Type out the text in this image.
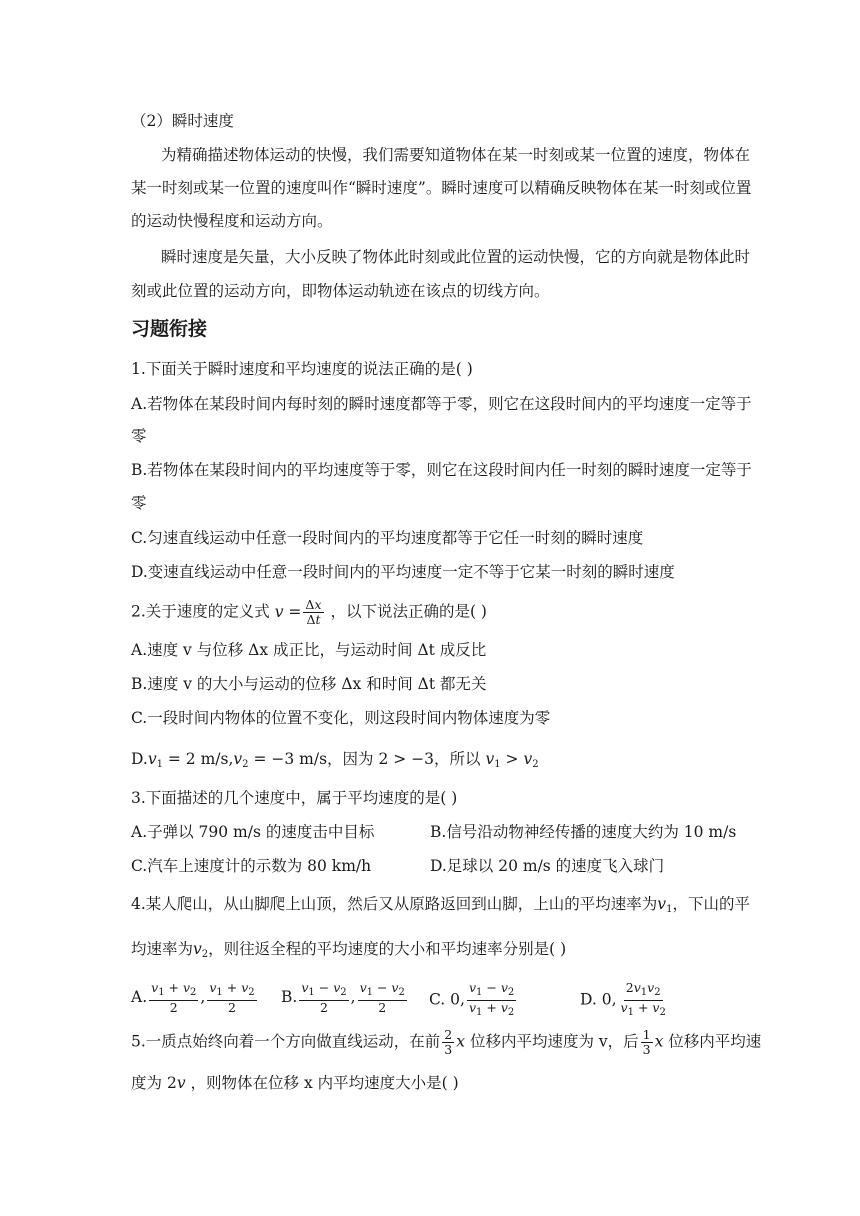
（2）瞬时速度
为精确描述物体运动的快慢，我们需要知道物体在某一时刻或某一位置的速度，物体在
某一时刻或某一位置的速度叫作“瞬时速度”。瞬时速度可以精确反映物体在某一时刻或位置
的运动快慢程度和运动方向。
瞬时速度是矢量，大小反映了物体此时刻或此位置的运动快慢，它的方向就是物体此时
刻或此位置的运动方向，即物体运动轨迹在该点的切线方向。
习题衔接
1.下面关于瞬时速度和平均速度的说法正确的是( )
A.若物体在某段时间内每时刻的瞬时速度都等于零，则它在这段时间内的平均速度一定等于
零
B.若物体在某段时间内的平均速度等于零，则它在这段时间内任一时刻的瞬时速度一定等于
零
C.匀速直线运动中任意一段时间内的平均速度都等于它任一时刻的瞬时速度
D.变速直线运动中任意一段时间内的平均速度一定不等于它某一时刻的瞬时速度
2.关于速度的定义式 $v = \frac{\Delta x}{\Delta t}$ ，以下说法正确的是( )
A.速度 v 与位移 Δx 成正比，与运动时间 Δt 成反比
B.速度 v 的大小与运动的位移 Δx 和时间 Δt 都无关
C.一段时间内物体的位置不变化，则这段时间内物体速度为零
$D.v_1 = 2$ $m/s,v_2 = -3$ m/s，因为 2 > −3，所以 $v_1 > v_2$
3.下面描述的几个速度中，属于平均速度的是( )
A.子弹以 790 m/s 的速度击中目标	B.信号沿动物神经传播的速度大约为 10 m/s
C.汽车上速度计的示数为 80 km/h	D.足球以 20 m/s 的速度飞入球门
4.某人爬山，从山脚爬上山顶，然后又从原路返回到山脚，上山的平均速率为$v_1$，下山的平
均速率为$v_2$，则往返全程的平均速度的大小和平均速率分别是( )
A. $\frac{v_1 + v_2}{2}$ , $\frac{v_1 + v_2}{2} B$. $\frac{v_1 - v_2}{2}$ , $\frac{v_1 - v_2}{2} C$. 0, $\frac{v_1 - v_2}{v_1 + v_2}$	D. 0, $\frac{2v_1v_2}{v_1 + v_2}$
5.一质点始终向着一个方向做直线运动，在前 $\frac{2}{3}$ x 位移内平均速度为 v，后 $\frac{1}{3}$ x 位移内平均速
度为 2v ，则物体在位移 x 内平均速度大小是( )
